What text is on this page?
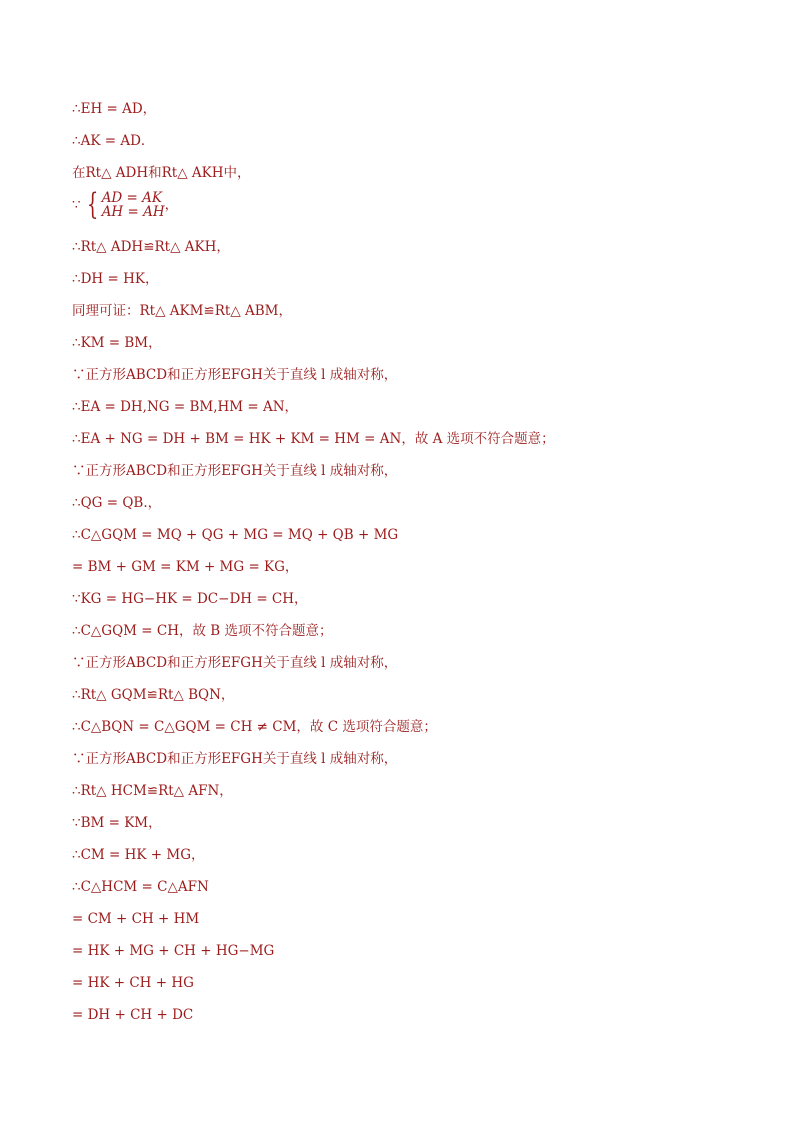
∴EH = AD，
∴AK = AD．
在Rt△ ADH和Rt△ AKH中，
∵ { AD = AK
AH = AH ，
∴Rt△ ADH≌Rt△ AKH，
∴DH = HK，
同理可证：Rt△ AKM≌Rt△ ABM，
∴KM = BM，
∵正方形ABCD和正方形EFGH关于直线 l 成轴对称，
∴EA = DH,NG = BM,HM = AN，
∴EA + NG = DH + BM = HK + KM = HM = AN，故 A 选项不符合题意；
∵正方形ABCD和正方形EFGH关于直线 l 成轴对称，
∴QG = QB.，
∴C△GQM = MQ + QG + MG = MQ + QB + MG
= BM + GM = KM + MG = KG，
∵KG = HG−HK = DC−DH = CH，
∴C△GQM = CH，故 B 选项不符合题意；
∵正方形ABCD和正方形EFGH关于直线 l 成轴对称，
∴Rt△ GQM≌Rt△ BQN，
∴C△BQN = C△GQM = CH ≠ CM，故 C 选项符合题意；
∵正方形ABCD和正方形EFGH关于直线 l 成轴对称，
∴Rt△ HCM≌Rt△ AFN，
∵BM = KM，
∴CM = HK + MG，
∴C△HCM = C△AFN
= CM + CH + HM
= HK + MG + CH + HG−MG
= HK + CH + HG
= DH + CH + DC
